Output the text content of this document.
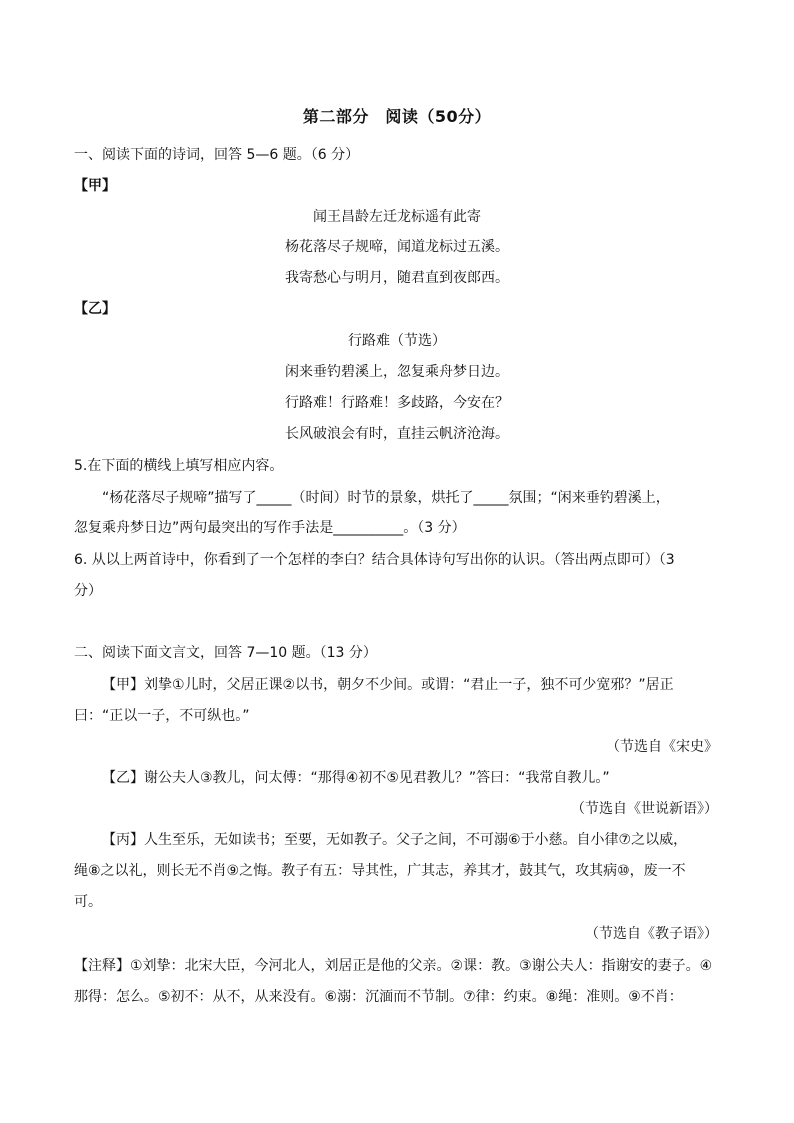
第二部分　阅读（50分）
一、阅读下面的诗词，回答 5—6 题。（6 分）
【甲】
闻王昌龄左迁龙标遥有此寄
杨花落尽子规啼，闻道龙标过五溪。
我寄愁心与明月，随君直到夜郎西。
【乙】
行路难（节选）
闲来垂钓碧溪上，忽复乘舟梦日边。
行路难！行路难！多歧路，今安在？
长风破浪会有时，直挂云帆济沧海。
5.在下面的横线上填写相应内容。
“杨花落尽子规啼”描写了_____（时间）时节的景象，烘托了_____氛围；“闲来垂钓碧溪上，
忽复乘舟梦日边”两句最突出的写作手法是__________。（3 分）
6. 从以上两首诗中，你看到了一个怎样的李白？结合具体诗句写出你的认识。（答出两点即可）（3
分）
二、阅读下面文言文，回答 7—10 题。（13 分）
【甲】刘挚①儿时，父居正课②以书，朝夕不少间。或谓：“君止一子，独不可少宽邪？”居正
曰：“正以一子，不可纵也。”
（节选自《宋史》
【乙】谢公夫人③教儿，问太傅：“那得④初不⑤见君教儿？”答曰：“我常自教儿。”
（节选自《世说新语》）
【丙】人生至乐，无如读书；至要，无如教子。父子之间，不可溺⑥于小慈。自小律⑦之以威，
绳⑧之以礼，则长无不肖⑨之悔。教子有五：导其性，广其志，养其才，鼓其气，攻其病⑩，废一不
可。
（节选自《教子语》）
【注释】①刘挚：北宋大臣，今河北人，刘居正是他的父亲。②课：教。③谢公夫人：指谢安的妻子。④
那得：怎么。⑤初不：从不，从来没有。⑥溺：沉湎而不节制。⑦律：约束。⑧绳：准则。⑨不肖：
